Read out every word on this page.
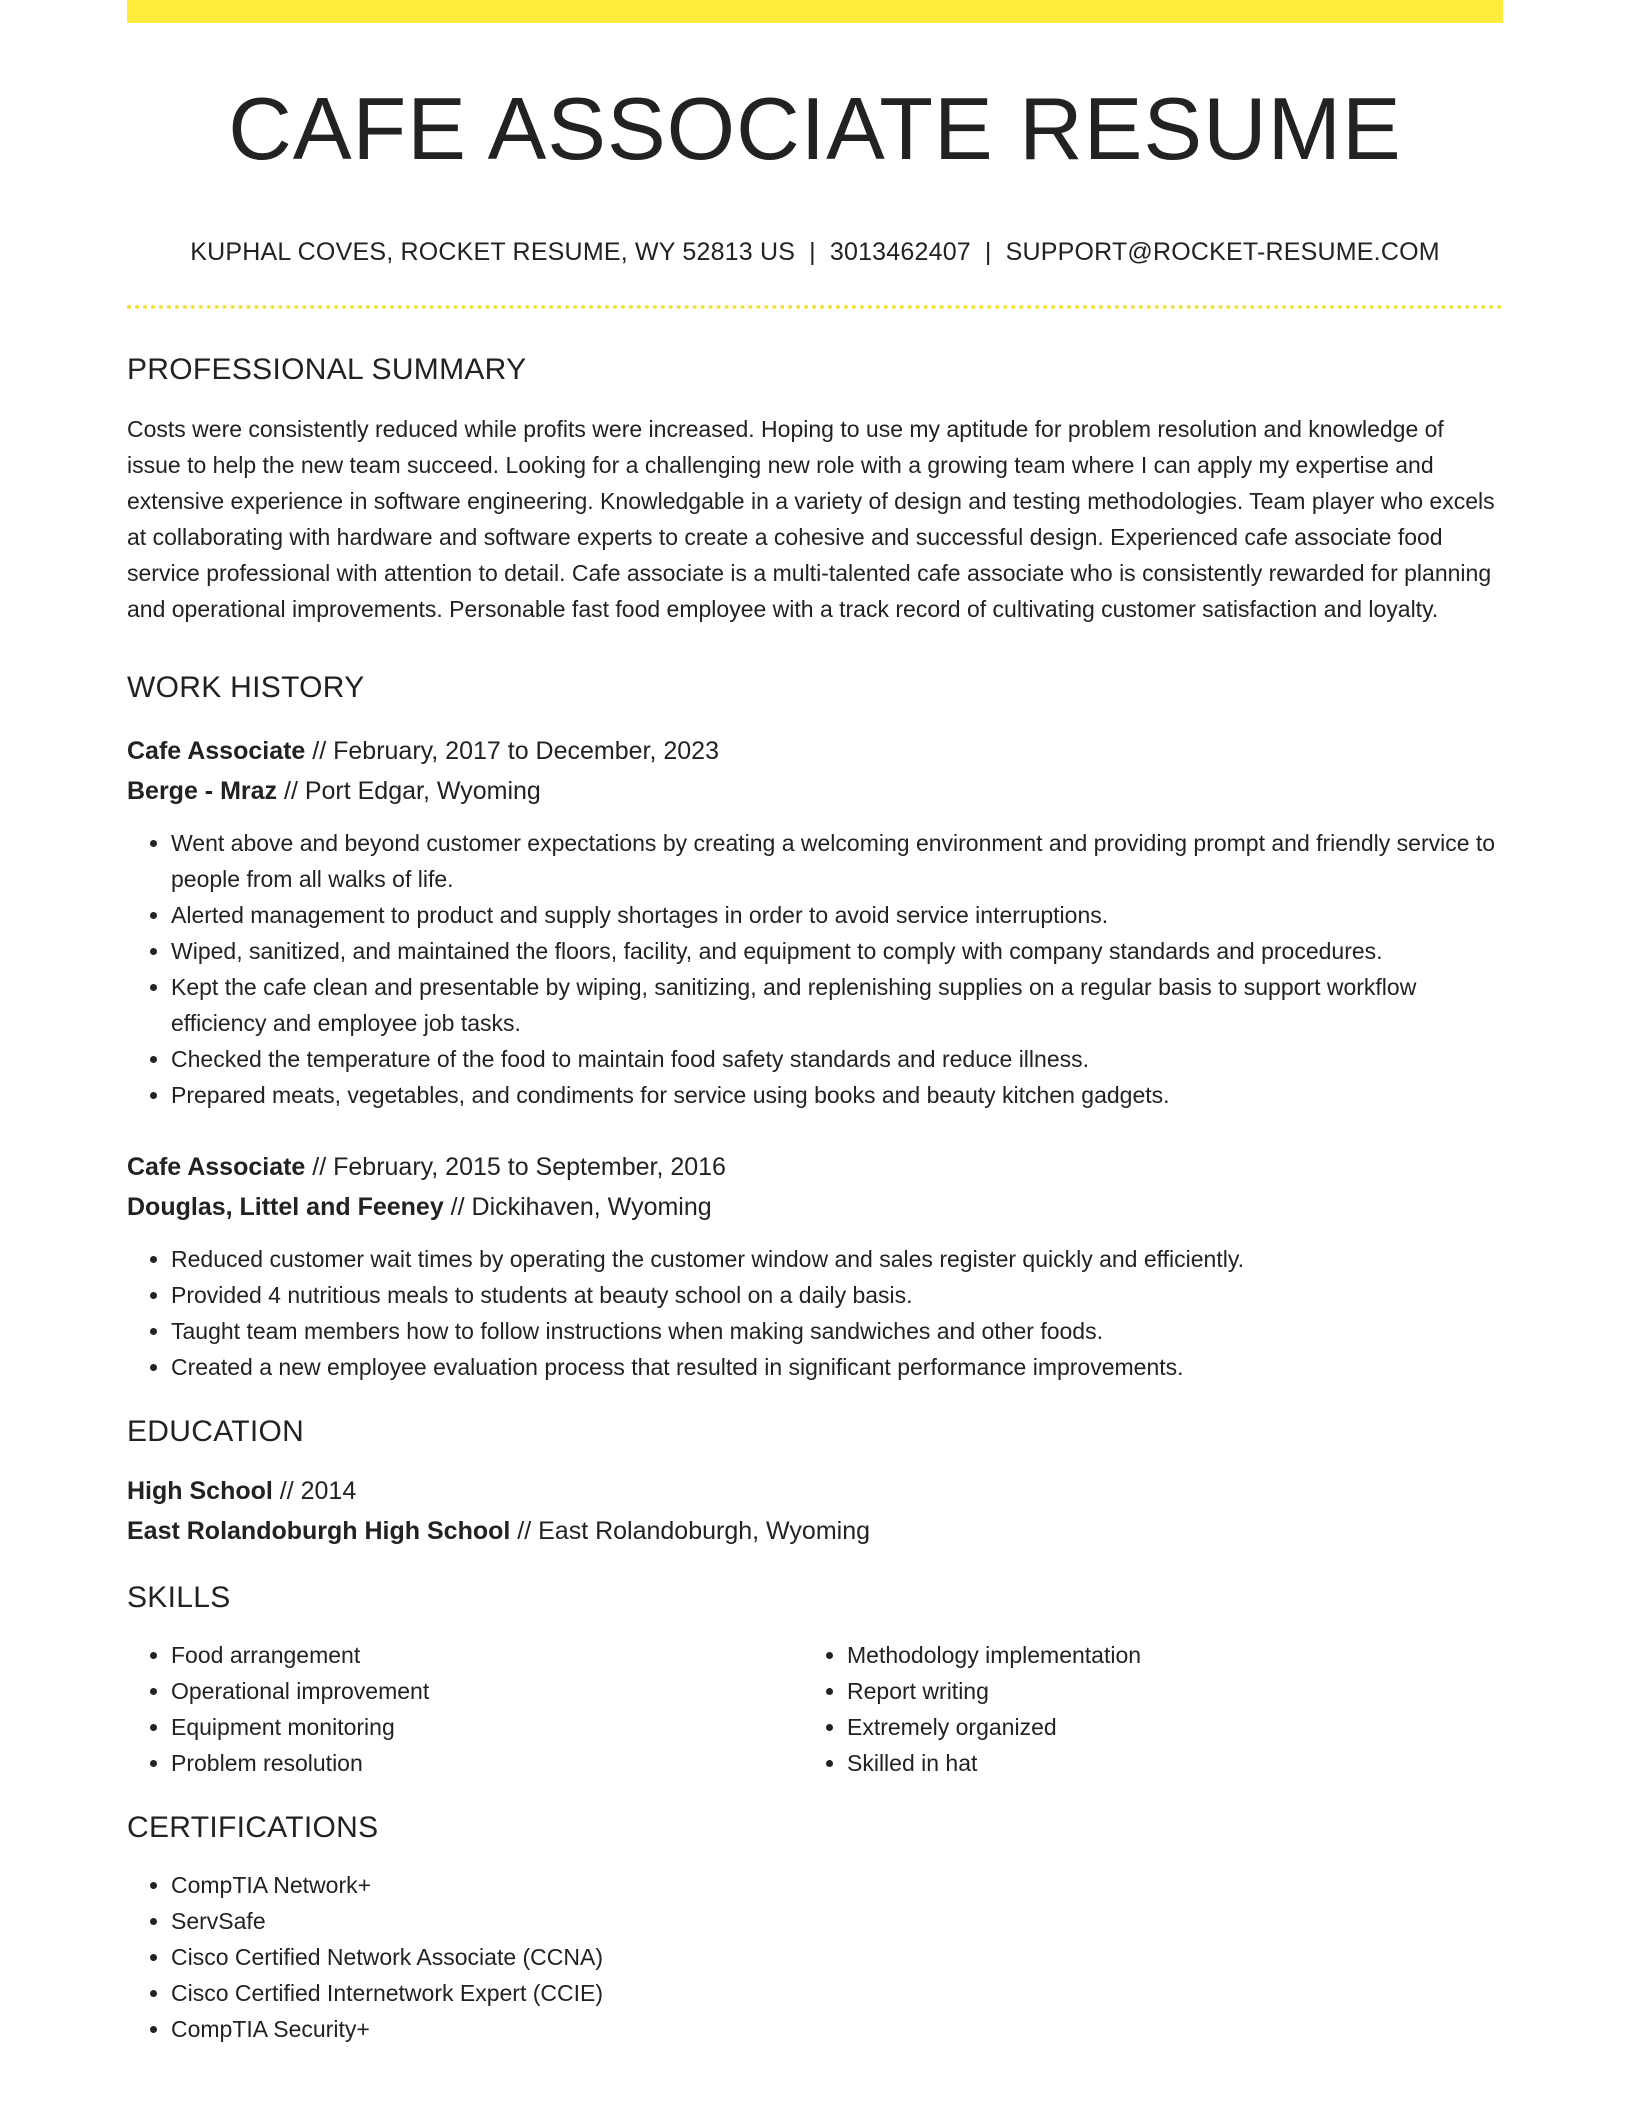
CAFE ASSOCIATE RESUME
KUPHAL COVES, ROCKET RESUME, WY 52813 US | 3013462407 | SUPPORT@ROCKET-RESUME.COM
PROFESSIONAL SUMMARY
Costs were consistently reduced while profits were increased. Hoping to use my aptitude for problem resolution and knowledge of issue to help the new team succeed. Looking for a challenging new role with a growing team where I can apply my expertise and extensive experience in software engineering. Knowledgable in a variety of design and testing methodologies. Team player who excels at collaborating with hardware and software experts to create a cohesive and successful design. Experienced cafe associate food service professional with attention to detail. Cafe associate is a multi-talented cafe associate who is consistently rewarded for planning and operational improvements. Personable fast food employee with a track record of cultivating customer satisfaction and loyalty.
WORK HISTORY
Cafe Associate // February, 2017 to December, 2023
Berge - Mraz // Port Edgar, Wyoming
• Went above and beyond customer expectations by creating a welcoming environment and providing prompt and friendly service to people from all walks of life.
• Alerted management to product and supply shortages in order to avoid service interruptions.
• Wiped, sanitized, and maintained the floors, facility, and equipment to comply with company standards and procedures.
• Kept the cafe clean and presentable by wiping, sanitizing, and replenishing supplies on a regular basis to support workflow efficiency and employee job tasks.
• Checked the temperature of the food to maintain food safety standards and reduce illness.
• Prepared meats, vegetables, and condiments for service using books and beauty kitchen gadgets.
Cafe Associate // February, 2015 to September, 2016
Douglas, Littel and Feeney // Dickihaven, Wyoming
• Reduced customer wait times by operating the customer window and sales register quickly and efficiently.
• Provided 4 nutritious meals to students at beauty school on a daily basis.
• Taught team members how to follow instructions when making sandwiches and other foods.
• Created a new employee evaluation process that resulted in significant performance improvements.
EDUCATION
High School // 2014
East Rolandoburgh High School // East Rolandoburgh, Wyoming
SKILLS
• Food arrangement
• Operational improvement
• Equipment monitoring
• Problem resolution
• Methodology implementation
• Report writing
• Extremely organized
• Skilled in hat
CERTIFICATIONS
• CompTIA Network+
• ServSafe
• Cisco Certified Network Associate (CCNA)
• Cisco Certified Internetwork Expert (CCIE)
• CompTIA Security+
